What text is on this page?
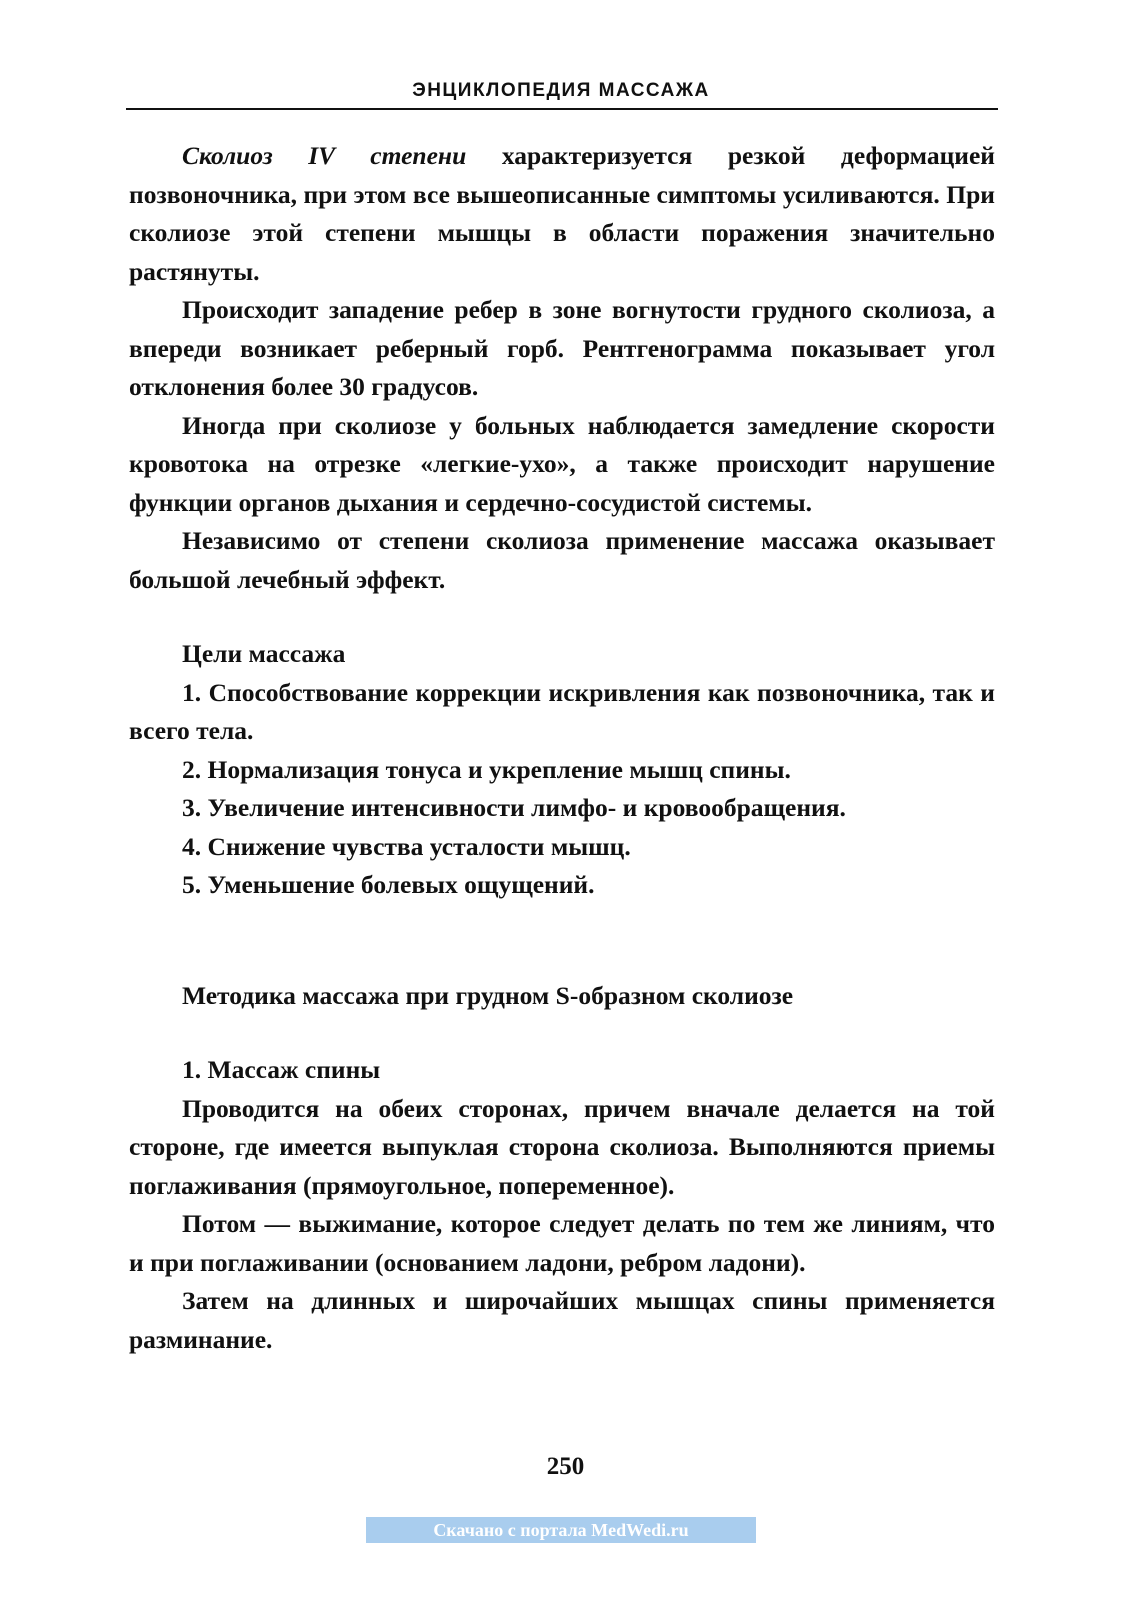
ЭНЦИКЛОПЕДИЯ МАССАЖА

Сколиоз IV степени характеризуется резкой деформацией позвоночника, при этом все вышеописанные симптомы усиливаются. При сколиозе этой степени мышцы в области поражения значительно растянуты.

Происходит западение ребер в зоне вогнутости грудного сколиоза, а впереди возникает реберный горб. Рентгенограмма показывает угол отклонения более 30 градусов.

Иногда при сколиозе у больных наблюдается замедление скорости кровотока на отрезке «легкие-ухо», а также происходит нарушение функции органов дыхания и сердечно-сосудистой системы.

Независимо от степени сколиоза применение массажа оказывает большой лечебный эффект.

Цели массажа

1. Способствование коррекции искривления как позвоночника, так и всего тела.

2. Нормализация тонуса и укрепление мышц спины.

3. Увеличение интенсивности лимфо- и кровообращения.

4. Снижение чувства усталости мышц.

5. Уменьшение болевых ощущений.

Методика массажа при грудном S-образном сколиозе

1. Массаж спины

Проводится на обеих сторонах, причем вначале делается на той стороне, где имеется выпуклая сторона сколиоза. Выполняются приемы поглаживания (прямоугольное, попеременное).

Потом — выжимание, которое следует делать по тем же линиям, что и при поглаживании (основанием ладони, ребром ладони).

Затем на длинных и широчайших мышцах спины применяется разминание.

250
Скачано с портала MedWedi.ru
